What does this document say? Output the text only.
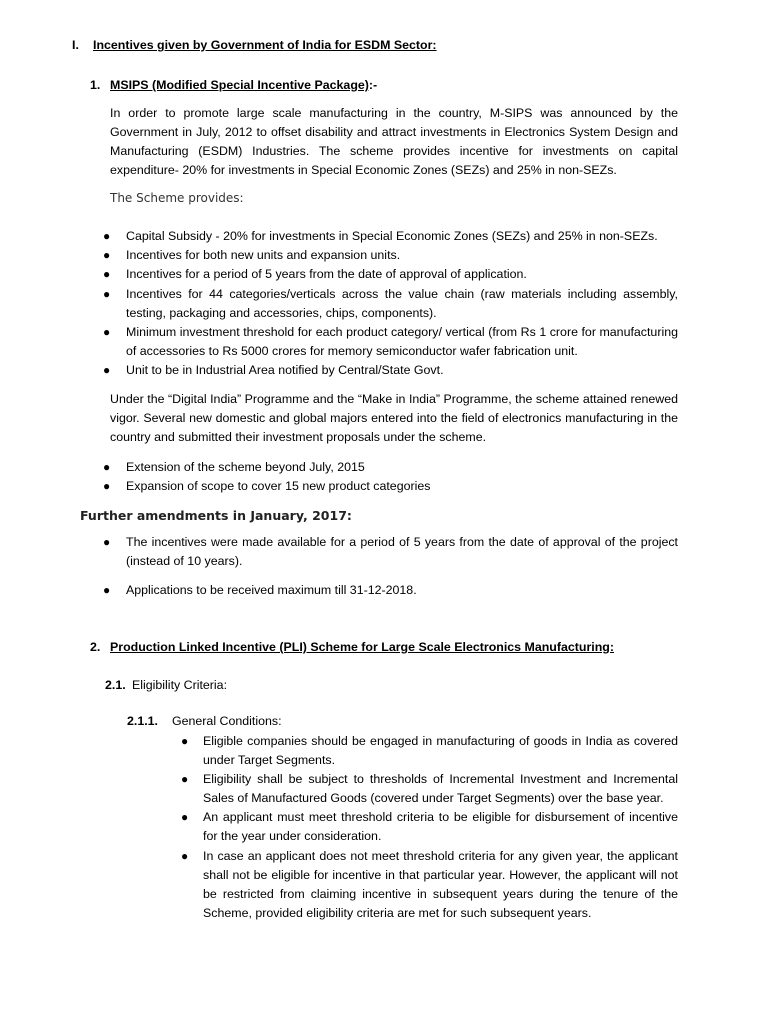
I. Incentives given by Government of India for ESDM Sector:
1. MSIPS (Modified Special Incentive Package):-
In order to promote large scale manufacturing in the country, M-SIPS was announced by the Government in July, 2012 to offset disability and attract investments in Electronics System Design and Manufacturing (ESDM) Industries. The scheme provides incentive for investments on capital expenditure- 20% for investments in Special Economic Zones (SEZs) and 25% in non-SEZs.
The Scheme provides:
● Capital Subsidy - 20% for investments in Special Economic Zones (SEZs) and 25% in non-SEZs.
● Incentives for both new units and expansion units.
● Incentives for a period of 5 years from the date of approval of application.
● Incentives for 44 categories/verticals across the value chain (raw materials including assembly, testing, packaging and accessories, chips, components).
● Minimum investment threshold for each product category/ vertical (from Rs 1 crore for manufacturing of accessories to Rs 5000 crores for memory semiconductor wafer fabrication unit.
● Unit to be in Industrial Area notified by Central/State Govt.
Under the “Digital India” Programme and the “Make in India” Programme, the scheme attained renewed vigor. Several new domestic and global majors entered into the field of electronics manufacturing in the country and submitted their investment proposals under the scheme.
● Extension of the scheme beyond July, 2015
● Expansion of scope to cover 15 new product categories
Further amendments in January, 2017:
● The incentives were made available for a period of 5 years from the date of approval of the project (instead of 10 years).
● Applications to be received maximum till 31-12-2018.
2. Production Linked Incentive (PLI) Scheme for Large Scale Electronics Manufacturing:
2.1. Eligibility Criteria:
2.1.1. General Conditions:
● Eligible companies should be engaged in manufacturing of goods in India as covered under Target Segments.
● Eligibility shall be subject to thresholds of Incremental Investment and Incremental Sales of Manufactured Goods (covered under Target Segments) over the base year.
● An applicant must meet threshold criteria to be eligible for disbursement of incentive for the year under consideration.
● In case an applicant does not meet threshold criteria for any given year, the applicant shall not be eligible for incentive in that particular year. However, the applicant will not be restricted from claiming incentive in subsequent years during the tenure of the Scheme, provided eligibility criteria are met for such subsequent years.
